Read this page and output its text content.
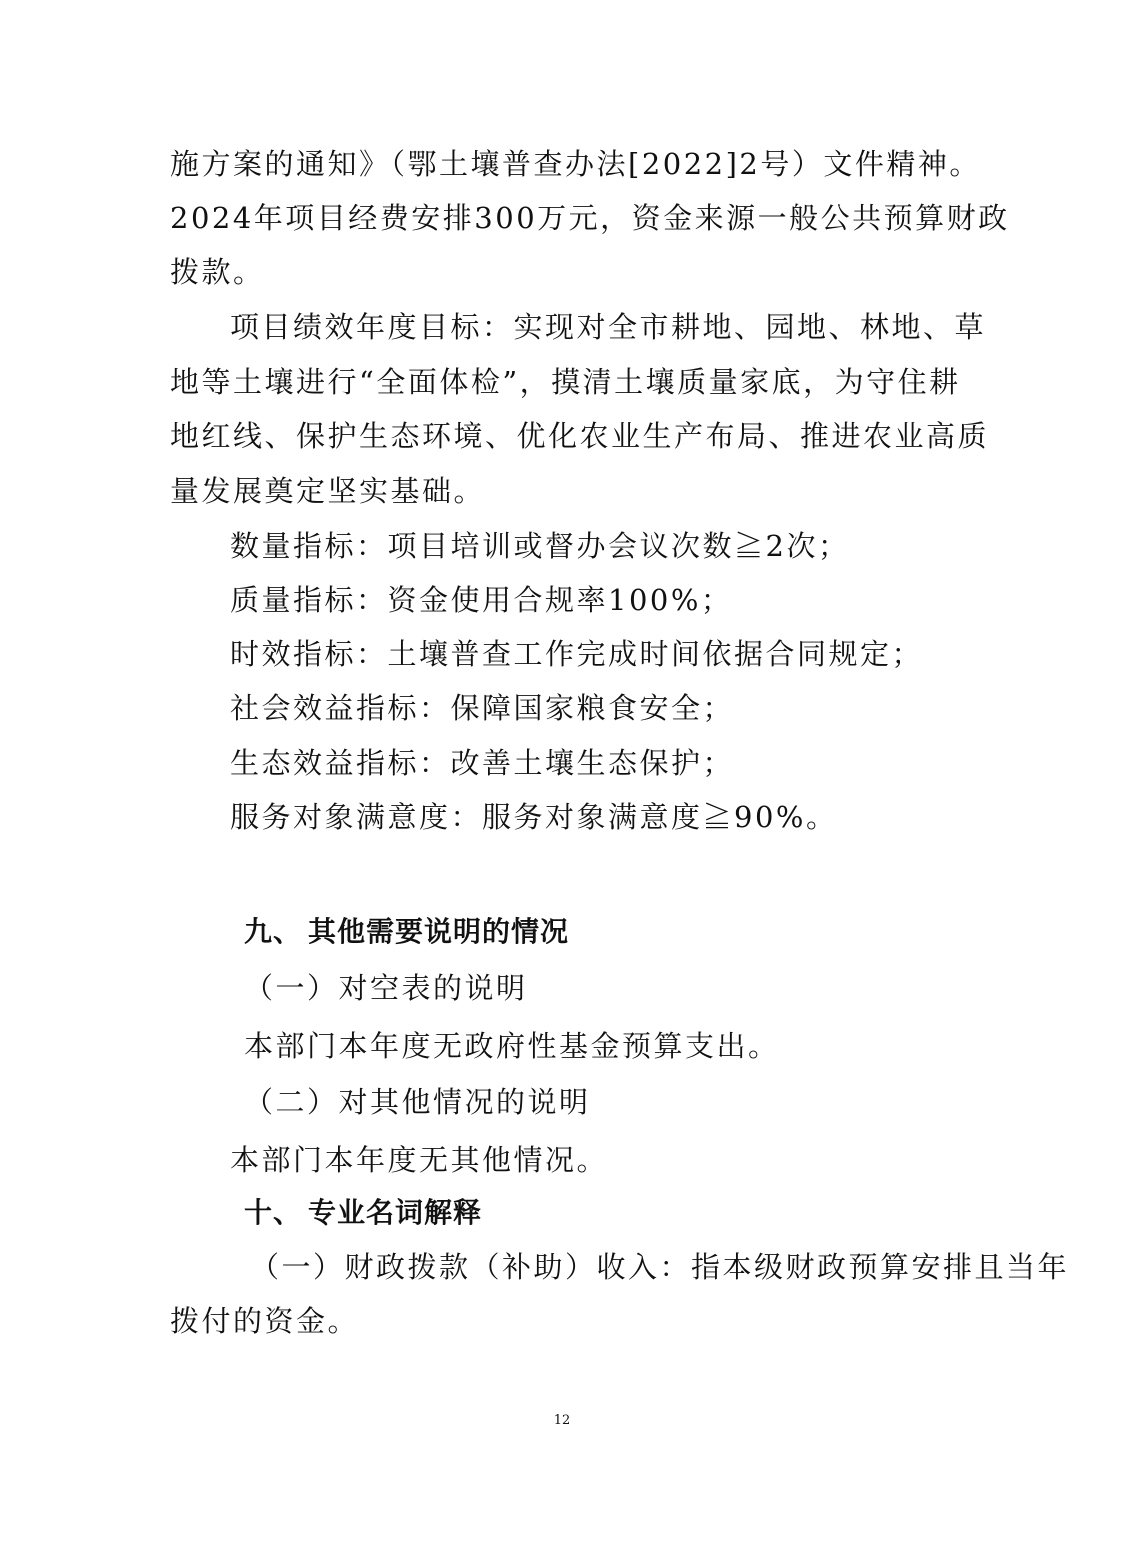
施方案的通知》（鄂土壤普查办法[2022]2号）文件精神。
2024年项目经费安排300万元，资金来源一般公共预算财政
拨款。
项目绩效年度目标：实现对全市耕地、园地、林地、草
地等土壤进行“全面体检”，摸清土壤质量家底，为守住耕
地红线、保护生态环境、优化农业生产布局、推进农业高质
量发展奠定坚实基础。
数量指标：项目培训或督办会议次数≧2次；
质量指标：资金使用合规率100%；
时效指标：土壤普查工作完成时间依据合同规定；
社会效益指标：保障国家粮食安全；
生态效益指标：改善土壤生态保护；
服务对象满意度：服务对象满意度≧90%。
九、 其他需要说明的情况
（一）对空表的说明
本部门本年度无政府性基金预算支出。
（二）对其他情况的说明
本部门本年度无其他情况。
十、 专业名词解释
（一）财政拨款（补助）收入：指本级财政预算安排且当年
拨付的资金。
12
